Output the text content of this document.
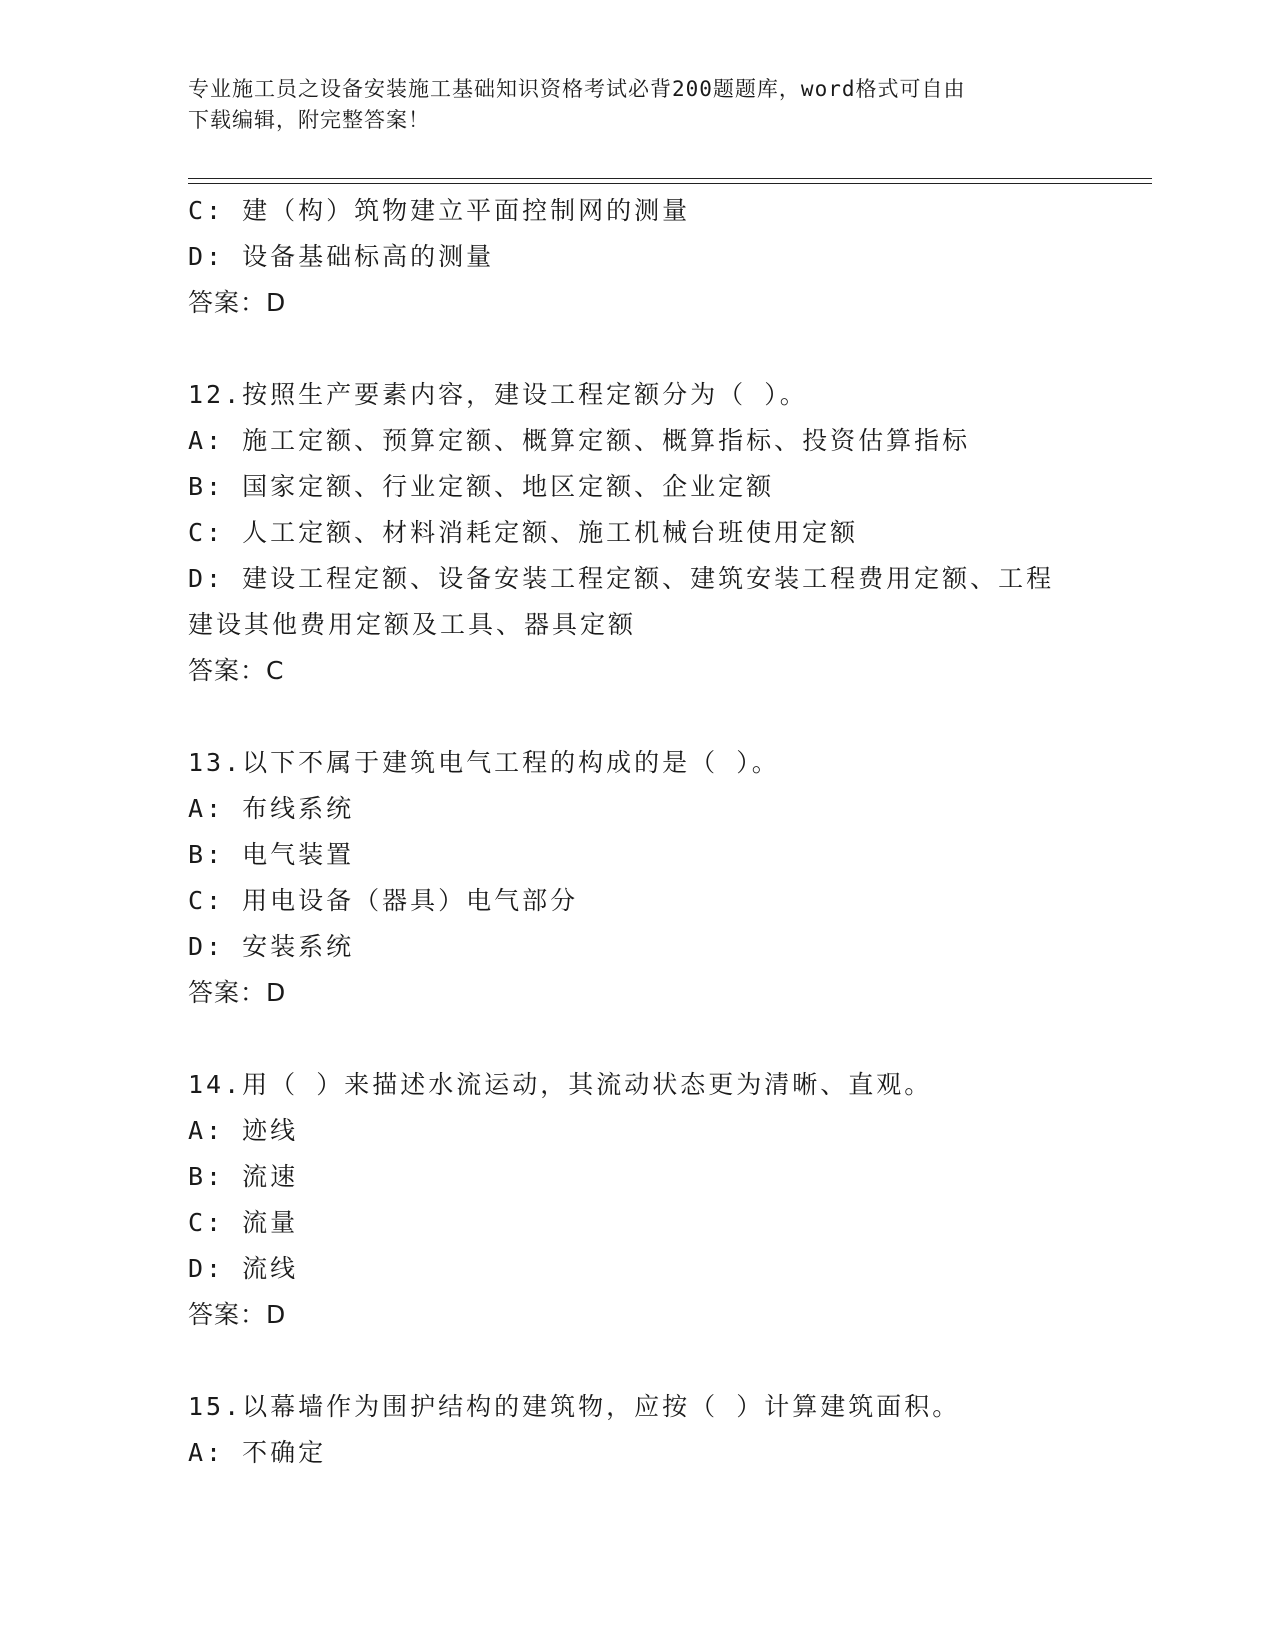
专业施工员之设备安装施工基础知识资格考试必背200题题库，word格式可自由
下载编辑，附完整答案！
C: 建（构）筑物建立平面控制网的测量
D: 设备基础标高的测量
答案：D
12.按照生产要素内容，建设工程定额分为（ ）。
A: 施工定额、预算定额、概算定额、概算指标、投资估算指标
B: 国家定额、行业定额、地区定额、企业定额
C: 人工定额、材料消耗定额、施工机械台班使用定额
D: 建设工程定额、设备安装工程定额、建筑安装工程费用定额、工程
建设其他费用定额及工具、器具定额
答案：C
13.以下不属于建筑电气工程的构成的是（ ）。
A: 布线系统
B: 电气装置
C: 用电设备（器具）电气部分
D: 安装系统
答案：D
14.用（ ）来描述水流运动，其流动状态更为清晰、直观。
A: 迹线
B: 流速
C: 流量
D: 流线
答案：D
15.以幕墙作为围护结构的建筑物，应按（ ）计算建筑面积。
A: 不确定
